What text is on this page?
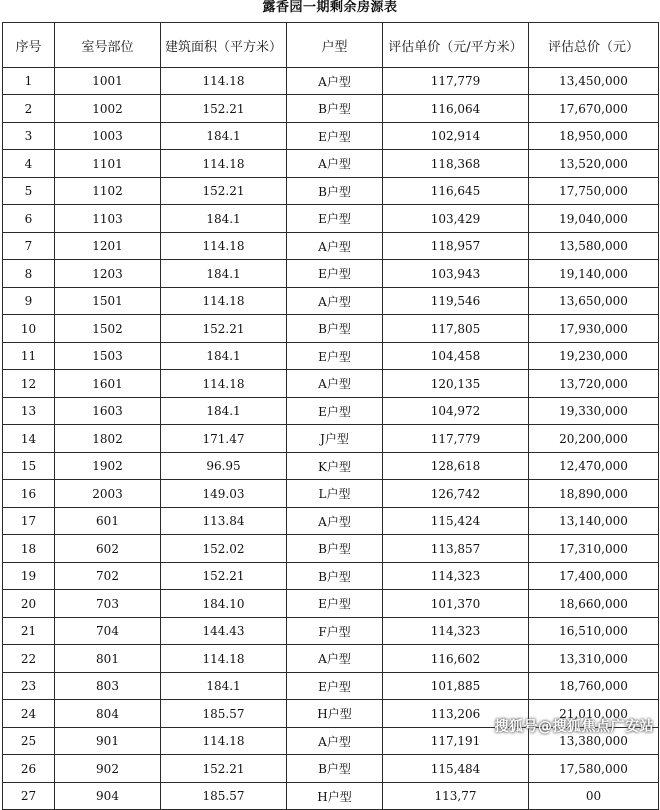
露香园一期剩余房源表
序号	室号部位	建筑面积（平方米）	户型	评估单价（元/平方米）	评估总价（元）
1	1001	114.18	A户型	117,779	13,450,000
2	1002	152.21	B户型	116,064	17,670,000
3	1003	184.1	E户型	102,914	18,950,000
4	1101	114.18	A户型	118,368	13,520,000
5	1102	152.21	B户型	116,645	17,750,000
6	1103	184.1	E户型	103,429	19,040,000
7	1201	114.18	A户型	118,957	13,580,000
8	1203	184.1	E户型	103,943	19,140,000
9	1501	114.18	A户型	119,546	13,650,000
10	1502	152.21	B户型	117,805	17,930,000
11	1503	184.1	E户型	104,458	19,230,000
12	1601	114.18	A户型	120,135	13,720,000
13	1603	184.1	E户型	104,972	19,330,000
14	1802	171.47	J户型	117,779	20,200,000
15	1902	96.95	K户型	128,618	12,470,000
16	2003	149.03	L户型	126,742	18,890,000
17	601	113.84	A户型	115,424	13,140,000
18	602	152.02	B户型	113,857	17,310,000
19	702	152.21	B户型	114,323	17,400,000
20	703	184.10	E户型	101,370	18,660,000
21	704	144.43	F户型	114,323	16,510,000
22	801	114.18	A户型	116,602	13,310,000
23	803	184.1	E户型	101,885	18,760,000
24	804	185.57	H户型	113,206	21,010,000
25	901	114.18	A户型	117,191	13,380,000
26	902	152.21	B户型	115,484	17,580,000
27	904	185.57	H户型	113,77	00
搜狐号@搜狐焦点广安站
